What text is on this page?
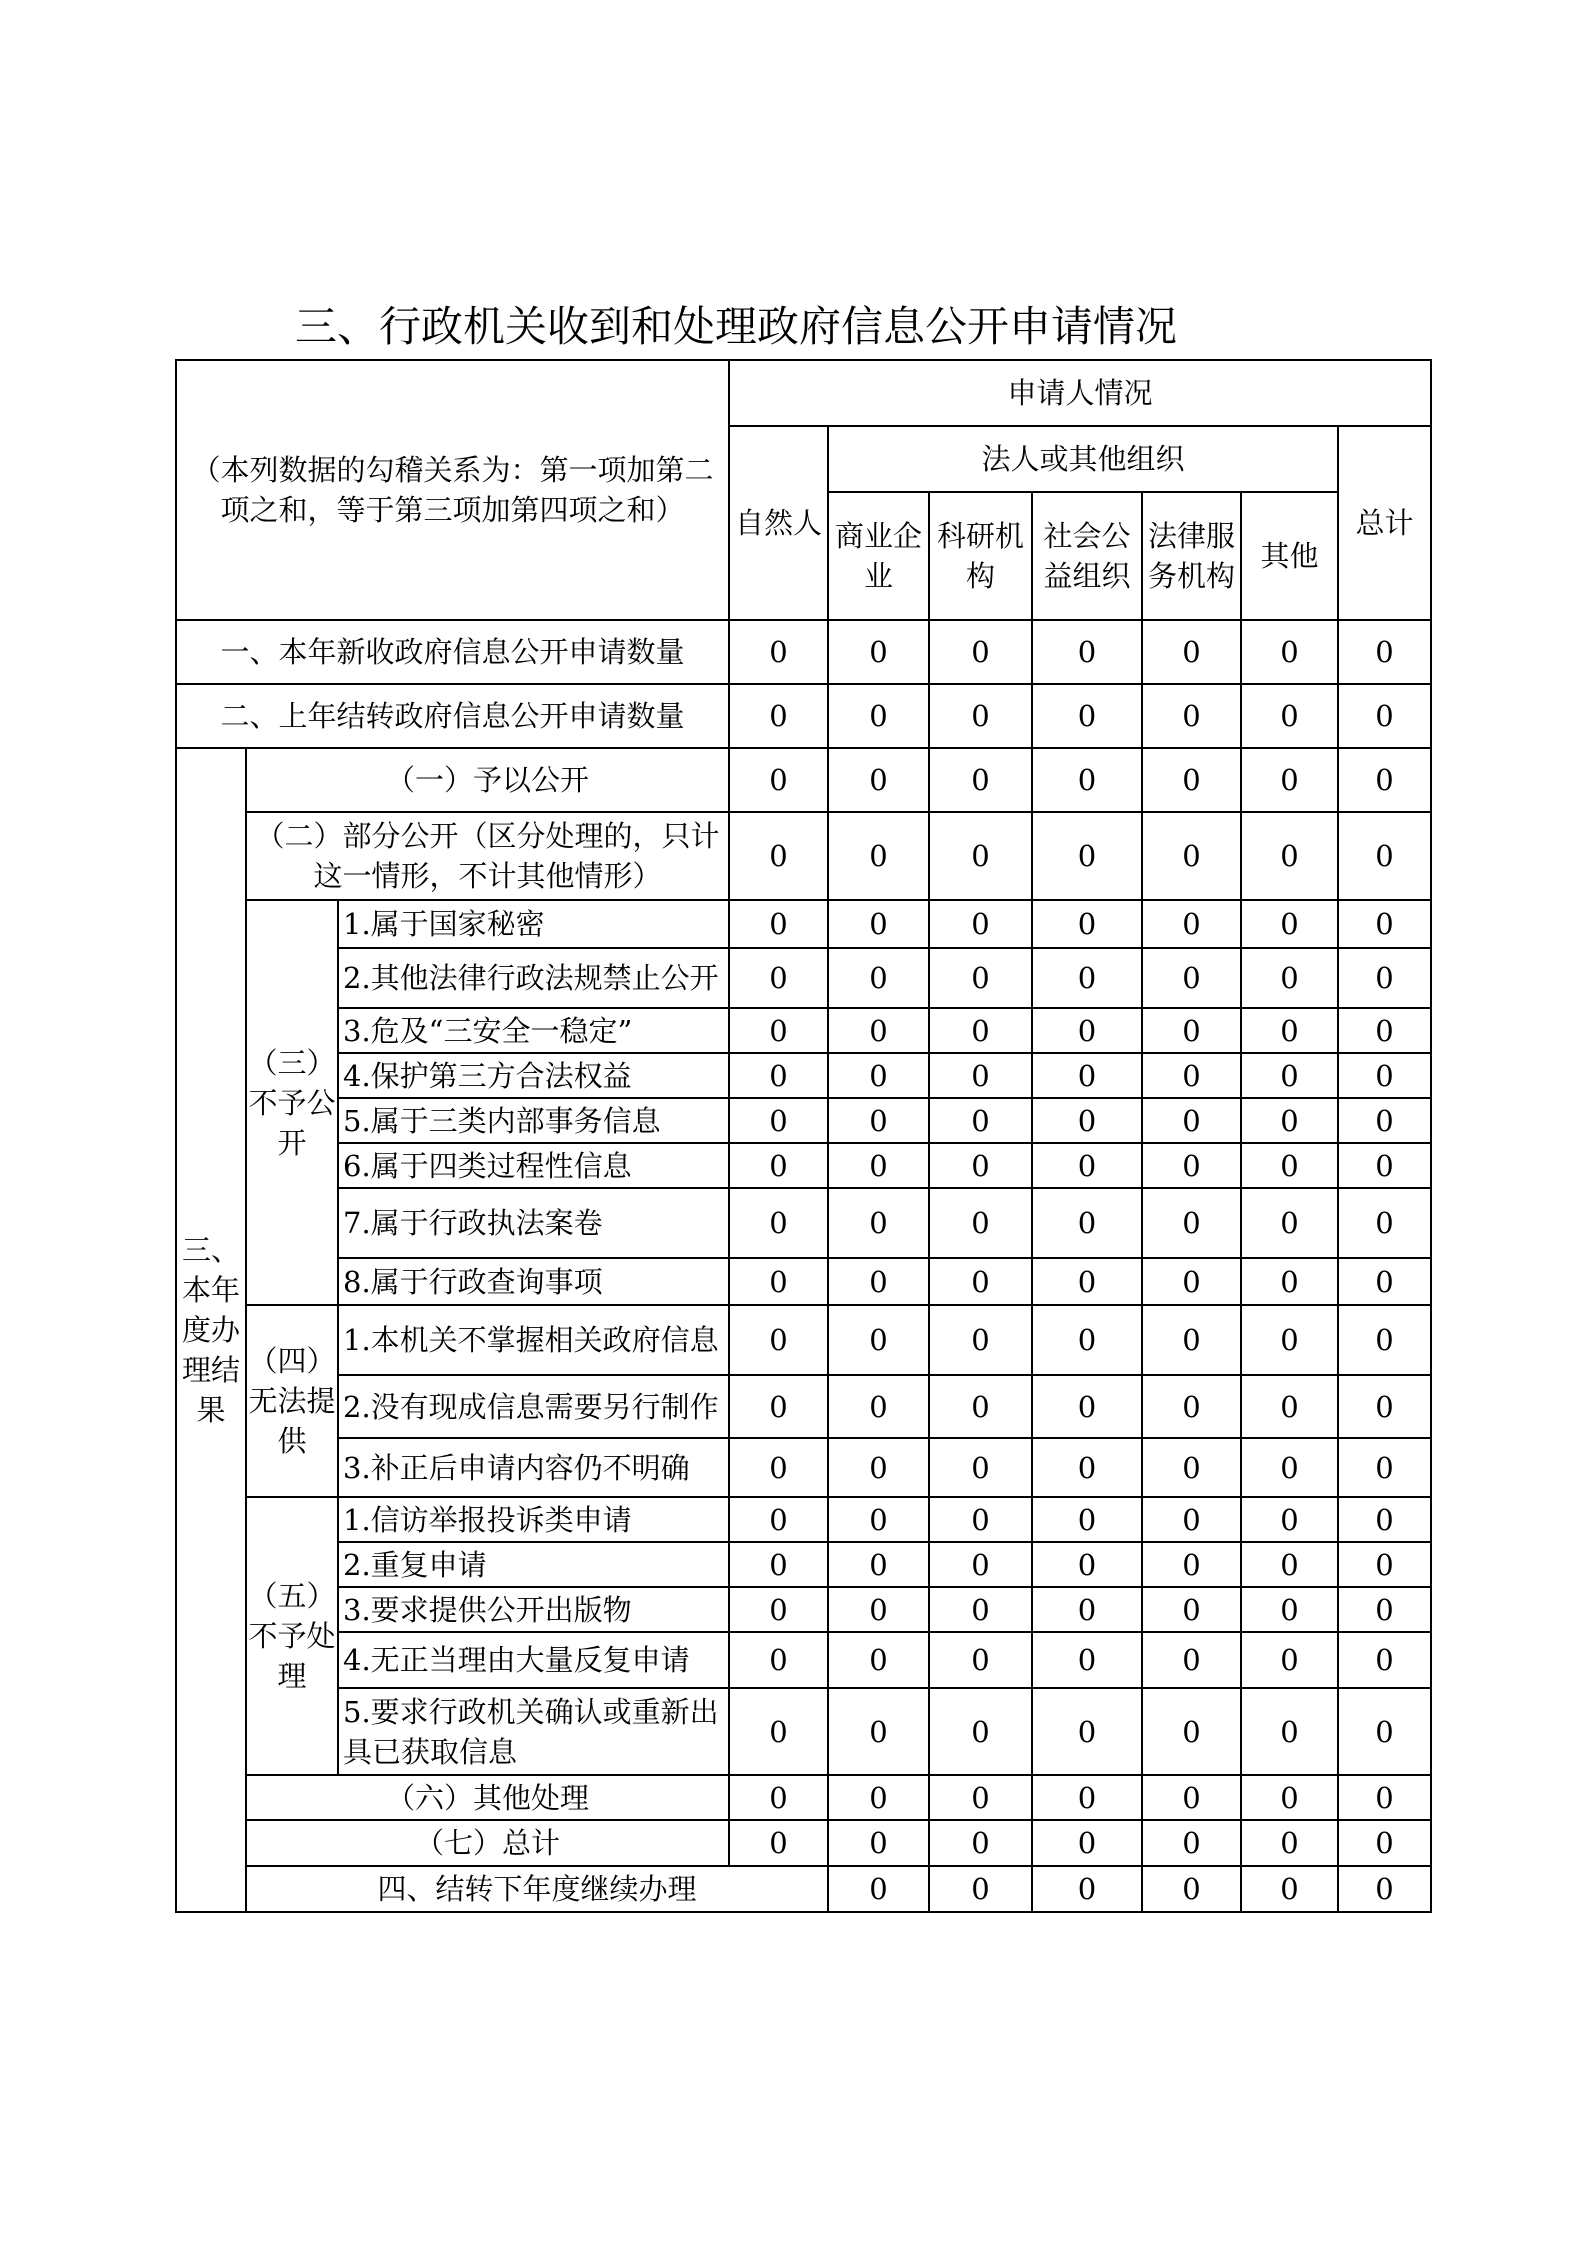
三、行政机关收到和处理政府信息公开申请情况
（本列数据的勾稽关系为：第一项加第二项之和，等于第三项加第四项之和）			申请人情况							
			自然人	法人或其他组织					总计	
				商业企业	科研机构	社会公益组织	法律服务机构	其他		
一、本年新收政府信息公开申请数量			0	0	0	0	0	0	0	
二、上年结转政府信息公开申请数量			0	0	0	0	0	0	0	
三、本年度办理结果	（一）予以公开		0	0	0	0	0	0	0	
	（二）部分公开（区分处理的，只计这一情形，不计其他情形）		0	0	0	0	0	0	0	
	（三）不予公开	1.属于国家秘密	0	0	0	0	0	0	0	
		2.其他法律行政法规禁止公开	0	0	0	0	0	0	0	
		3.危及“三安全一稳定”	0	0	0	0	0	0	0	
		4.保护第三方合法权益	0	0	0	0	0	0	0	
		5.属于三类内部事务信息	0	0	0	0	0	0	0	
		6.属于四类过程性信息	0	0	0	0	0	0	0	
		7.属于行政执法案卷	0	0	0	0	0	0	0	
		8.属于行政查询事项	0	0	0	0	0	0	0	
	（四）无法提供	1.本机关不掌握相关政府信息	0	0	0	0	0	0	0	
		2.没有现成信息需要另行制作	0	0	0	0	0	0	0	
		3.补正后申请内容仍不明确	0	0	0	0	0	0	0	
	（五）不予处理	1.信访举报投诉类申请	0	0	0	0	0	0	0	
		2.重复申请	0	0	0	0	0	0	0	
		3.要求提供公开出版物	0	0	0	0	0	0	0	
		4.无正当理由大量反复申请	0	0	0	0	0	0	0	
		5.要求行政机关确认或重新出具已获取信息	0	0	0	0	0	0	0	
	（六）其他处理		0	0	0	0	0	0	0	
	（七）总计		0	0	0	0	0	0	0	
	四、结转下年度继续办理			0	0	0	0	0	0	
